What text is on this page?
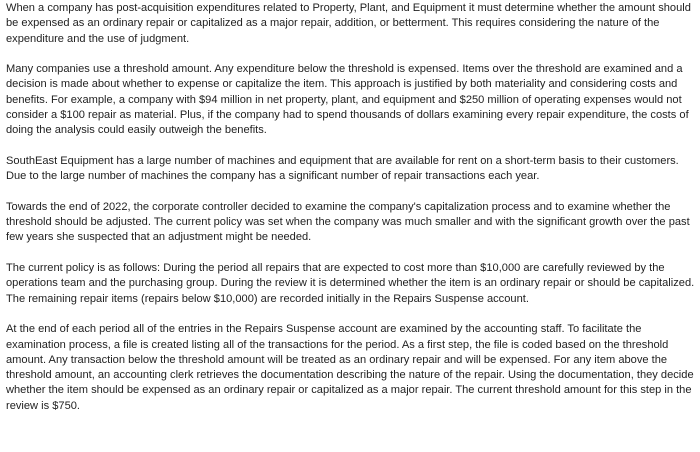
When a company has post-acquisition expenditures related to Property, Plant, and Equipment it must determine whether the amount should be expensed as an ordinary repair or capitalized as a major repair, addition, or betterment. This requires considering the nature of the expenditure and the use of judgment.

Many companies use a threshold amount. Any expenditure below the threshold is expensed. Items over the threshold are examined and a decision is made about whether to expense or capitalize the item. This approach is justified by both materiality and considering costs and benefits. For example, a company with $94 million in net property, plant, and equipment and $250 million of operating expenses would not consider a $100 repair as material. Plus, if the company had to spend thousands of dollars examining every repair expenditure, the costs of doing the analysis could easily outweigh the benefits.

SouthEast Equipment has a large number of machines and equipment that are available for rent on a short-term basis to their customers. Due to the large number of machines the company has a significant number of repair transactions each year.

Towards the end of 2022, the corporate controller decided to examine the company's capitalization process and to examine whether the threshold should be adjusted. The current policy was set when the company was much smaller and with the significant growth over the past few years she suspected that an adjustment might be needed.

The current policy is as follows: During the period all repairs that are expected to cost more than $10,000 are carefully reviewed by the operations team and the purchasing group. During the review it is determined whether the item is an ordinary repair or should be capitalized. The remaining repair items (repairs below $10,000) are recorded initially in the Repairs Suspense account.

At the end of each period all of the entries in the Repairs Suspense account are examined by the accounting staff. To facilitate the examination process, a file is created listing all of the transactions for the period. As a first step, the file is coded based on the threshold amount. Any transaction below the threshold amount will be treated as an ordinary repair and will be expensed. For any item above the threshold amount, an accounting clerk retrieves the documentation describing the nature of the repair. Using the documentation, they decide whether the item should be expensed as an ordinary repair or capitalized as a major repair. The current threshold amount for this step in the review is $750.
